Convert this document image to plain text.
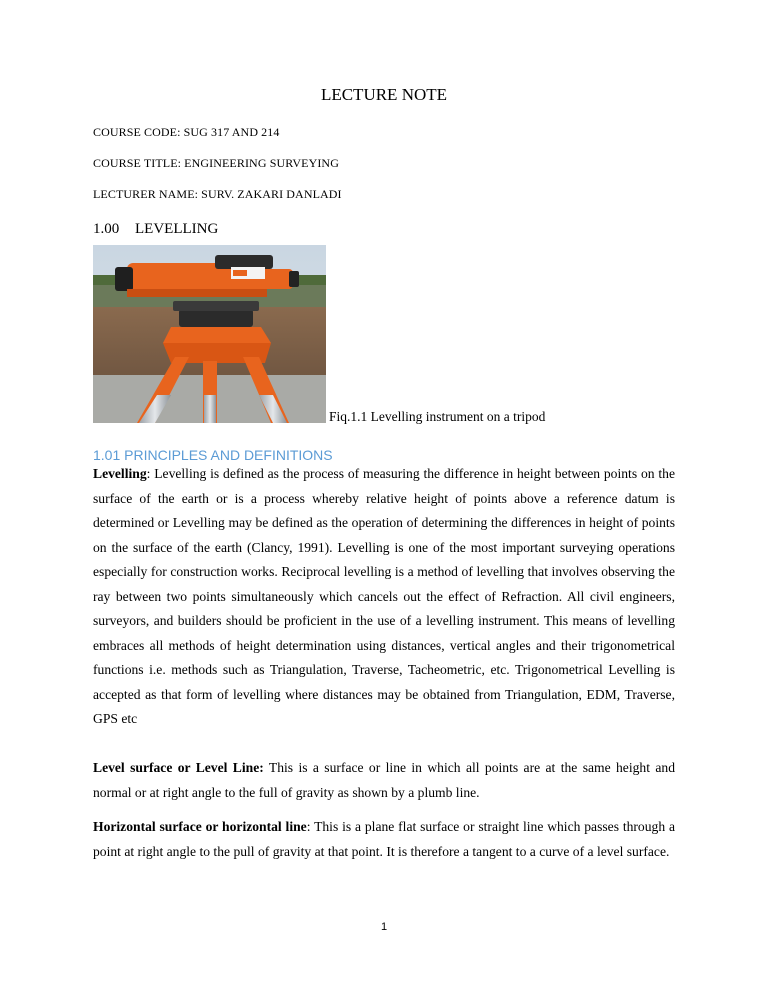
LECTURE NOTE
COURSE CODE: SUG 317 AND 214
COURSE TITLE: ENGINEERING SURVEYING
LECTURER NAME: SURV. ZAKARI DANLADI
1.00 LEVELLING
Fiq.1.1 Levelling instrument on a tripod
1.01 PRINCIPLES AND DEFINITIONS
Levelling: Levelling is defined as the process of measuring the difference in height between points on the surface of the earth or is a process whereby relative height of points above a reference datum is determined or Levelling may be defined as the operation of determining the differences in height of points on the surface of the earth (Clancy, 1991). Levelling is one of the most important surveying operations especially for construction works. Reciprocal levelling is a method of levelling that involves observing the ray between two points simultaneously which cancels out the effect of Refraction. All civil engineers, surveyors, and builders should be proficient in the use of a levelling instrument. This means of levelling embraces all methods of height determination using distances, vertical angles and their trigonometrical functions i.e. methods such as Triangulation, Traverse, Tacheometric, etc. Trigonometrical Levelling is accepted as that form of levelling where distances may be obtained from Triangulation, EDM, Traverse, GPS etc
Level surface or Level Line: This is a surface or line in which all points are at the same height and normal or at right angle to the full of gravity as shown by a plumb line.
Horizontal surface or horizontal line: This is a plane flat surface or straight line which passes through a point at right angle to the pull of gravity at that point. It is therefore a tangent to a curve of a level surface.
1
